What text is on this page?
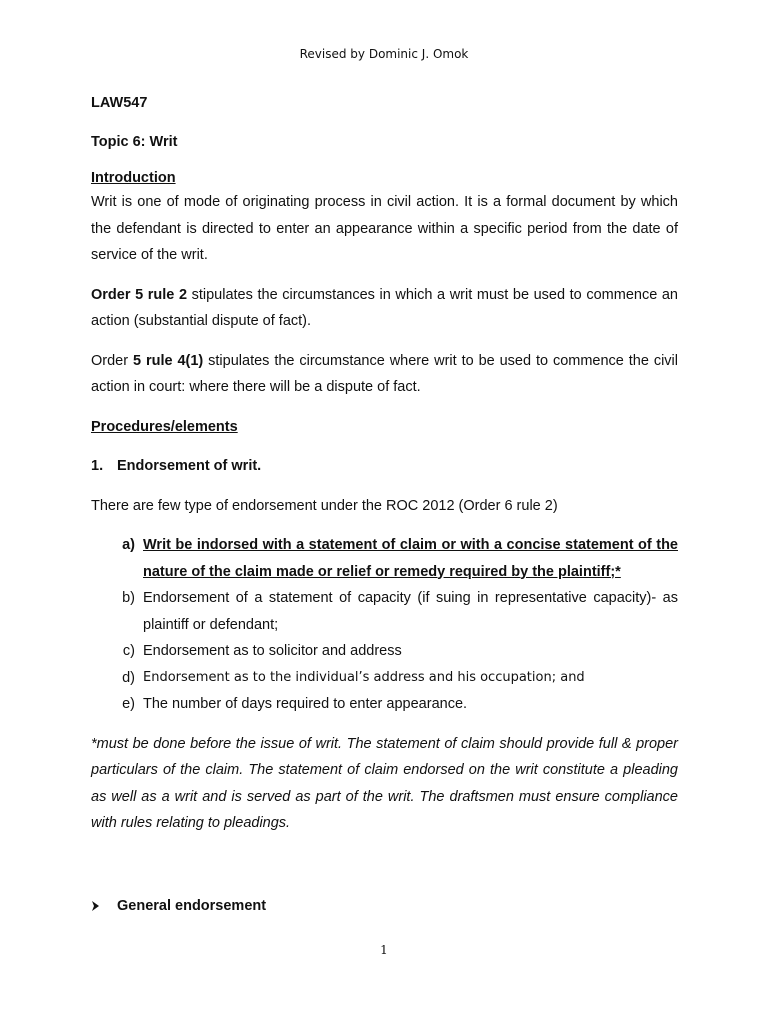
Revised by Dominic J. Omok

LAW547

Topic 6: Writ

Introduction

Writ is one of mode of originating process in civil action. It is a formal document by which the defendant is directed to enter an appearance within a specific period from the date of service of the writ.

Order 5 rule 2 stipulates the circumstances in which a writ must be used to commence an action (substantial dispute of fact).

Order 5 rule 4(1) stipulates the circumstance where writ to be used to commence the civil action in court: where there will be a dispute of fact.

Procedures/elements

1. Endorsement of writ.

There are few type of endorsement under the ROC 2012 (Order 6 rule 2)

a) Writ be indorsed with a statement of claim or with a concise statement of the nature of the claim made or relief or remedy required by the plaintiff;*
b) Endorsement of a statement of capacity (if suing in representative capacity)- as plaintiff or defendant;
c) Endorsement as to solicitor and address
d) Endorsement as to the individual’s address and his occupation; and
e) The number of days required to enter appearance.

*must be done before the issue of writ. The statement of claim should provide full & proper particulars of the claim. The statement of claim endorsed on the writ constitute a pleading as well as a writ and is served as part of the writ. The draftsmen must ensure compliance with rules relating to pleadings.

General endorsement
1
